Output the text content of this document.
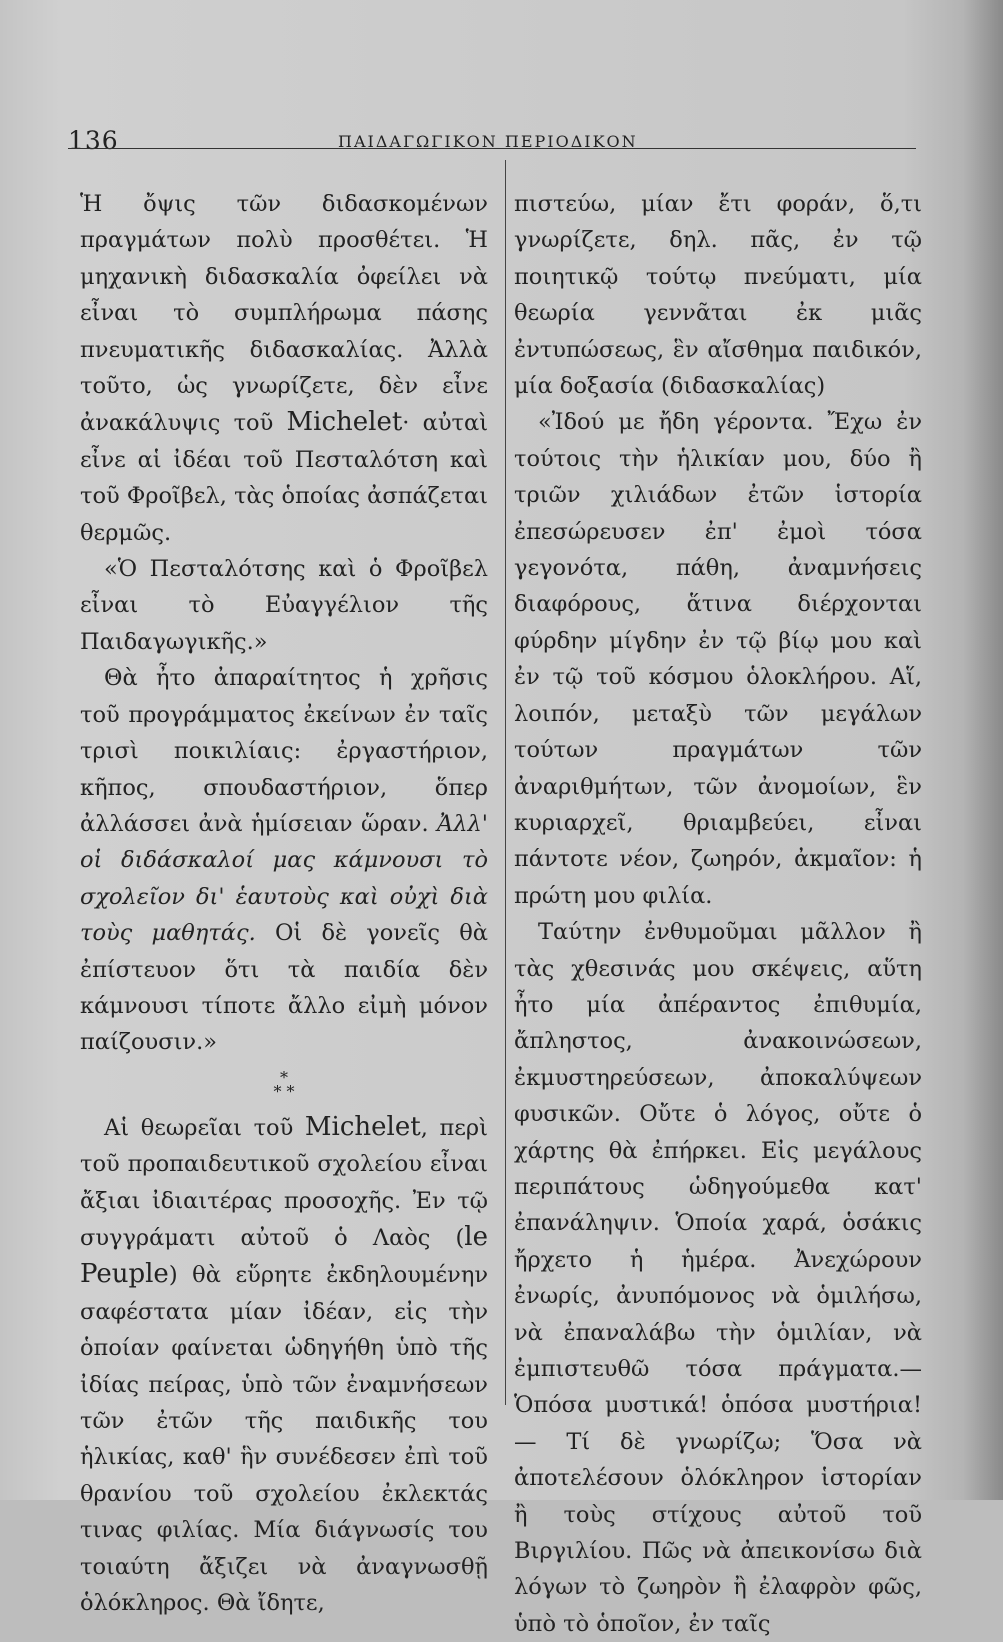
136	ΠΑΙΔΑΓΩΓΙΚΟΝ ΠΕΡΙΟΔΙΚΟΝ

Ἡ ὄψις τῶν διδασκομένων πραγμάτων πολὺ προσθέτει. Ἡ μηχανικὴ διδασκαλία ὀφείλει νὰ εἶναι τὸ συμπλήρωμα πάσης πνευματικῆς διδασκαλίας. Ἀλλὰ τοῦτο, ὡς γνωρίζετε, δὲν εἶνε ἀνακάλυψις τοῦ Michelet· αὐταὶ εἶνε αἱ ἰδέαι τοῦ Πεσταλότση καὶ τοῦ Φροῖβελ, τὰς ὁποίας ἀσπάζεται θερμῶς.

«Ὁ Πεσταλότσης καὶ ὁ Φροῖβελ εἶναι τὸ Εὐαγγέλιον τῆς Παιδαγωγικῆς.»

Θὰ ἦτο ἀπαραίτητος ἡ χρῆσις τοῦ προγράμματος ἐκείνων ἐν ταῖς τρισὶ ποικιλίαις: ἐργαστήριον, κῆπος, σπουδαστήριον, ὅπερ ἀλλάσσει ἀνὰ ἡμίσειαν ὥραν. Ἀλλ' οἱ διδάσκαλοί μας κάμνουσι τὸ σχολεῖον δι' ἑαυτοὺς καὶ οὐχὶ διὰ τοὺς μαθητάς. Οἱ δὲ γονεῖς θὰ ἐπίστευον ὅτι τὰ παιδία δὲν κάμνουσι τίποτε ἄλλο εἰμὴ μόνον παίζουσιν.»

*
* *

Αἱ θεωρεῖαι τοῦ Michelet, περὶ τοῦ προπαιδευτικοῦ σχολείου εἶναι ἄξιαι ἰδιαιτέρας προσοχῆς. Ἐν τῷ συγγράματι αὐτοῦ ὁ Λαὸς (le Peuple) θὰ εὕρητε ἐκδηλουμένην σαφέστατα μίαν ἰδέαν, εἰς τὴν ὁποίαν φαίνεται ὡδηγήθη ὑπὸ τῆς ἰδίας πείρας, ὑπὸ τῶν ἐναμνήσεων τῶν ἐτῶν τῆς παιδικῆς του ἡλικίας, καθ' ἣν συνέδεσεν ἐπὶ τοῦ θρανίου τοῦ σχολείου ἐκλεκτάς τινας φιλίας. Μία διάγνωσίς του τοιαύτη ἄξιζει νὰ ἀναγνωσθῇ ὁλόκληρος. Θὰ ἴδητε,

πιστεύω, μίαν ἔτι φοράν, ὅ,τι γνωρίζετε, δηλ. πᾶς, ἐν τῷ ποιητικῷ τούτῳ πνεύματι, μία θεωρία γεννᾶται ἐκ μιᾶς ἐντυπώσεως, ἓν αἴσθημα παιδικόν, μία δοξασία (διδασκαλίας)

«Ἰδού με ἤδη γέροντα. Ἔχω ἐν τούτοις τὴν ἡλικίαν μου, δύο ἢ τριῶν χιλιάδων ἐτῶν ἱστορία ἐπεσώρευσεν ἐπ' ἐμοὶ τόσα γεγονότα, πάθη, ἀναμνήσεις διαφόρους, ἅτινα διέρχονται φύρδην μίγδην ἐν τῷ βίῳ μου καὶ ἐν τῷ τοῦ κόσμου ὁλοκλήρου. Αἵ, λοιπόν, μεταξὺ τῶν μεγάλων τούτων πραγμάτων τῶν ἀναριθμήτων, τῶν ἀνομοίων, ἓν κυριαρχεῖ, θριαμβεύει, εἶναι πάντοτε νέον, ζωηρόν, ἀκμαῖον: ἡ πρώτη μου φιλία.

Ταύτην ἐνθυμοῦμαι μᾶλλον ἢ τὰς χθεσινάς μου σκέψεις, αὕτη ἦτο μία ἀπέραντος ἐπιθυμία, ἄπληστος, ἀνακοινώσεων, ἐκμυστηρεύσεων, ἀποκαλύψεων φυσικῶν. Οὔτε ὁ λόγος, οὔτε ὁ χάρτης θὰ ἐπήρκει. Εἰς μεγάλους περιπάτους ὡδηγούμεθα κατ' ἐπανάληψιν. Ὁποία χαρά, ὁσάκις ἤρχετο ἡ ἡμέρα. Ἀνεχώρουν ἐνωρίς, ἀνυπόμονος νὰ ὁμιλήσω, νὰ ἐπαναλάβω τὴν ὁμιλίαν, νὰ ἐμπιστευθῶ τόσα πράγματα.—Ὁπόσα μυστικά! ὁπόσα μυστήρια! — Τί δὲ γνωρίζω; Ὅσα νὰ ἀποτελέσουν ὁλόκληρον ἱστορίαν ἢ τοὺς στίχους αὐτοῦ τοῦ Βιργιλίου. Πῶς νὰ ἀπεικονίσω διὰ λόγων τὸ ζωηρὸν ἢ ἐλαφρὸν φῶς, ὑπὸ τὸ ὁποῖον, ἐν ταῖς
